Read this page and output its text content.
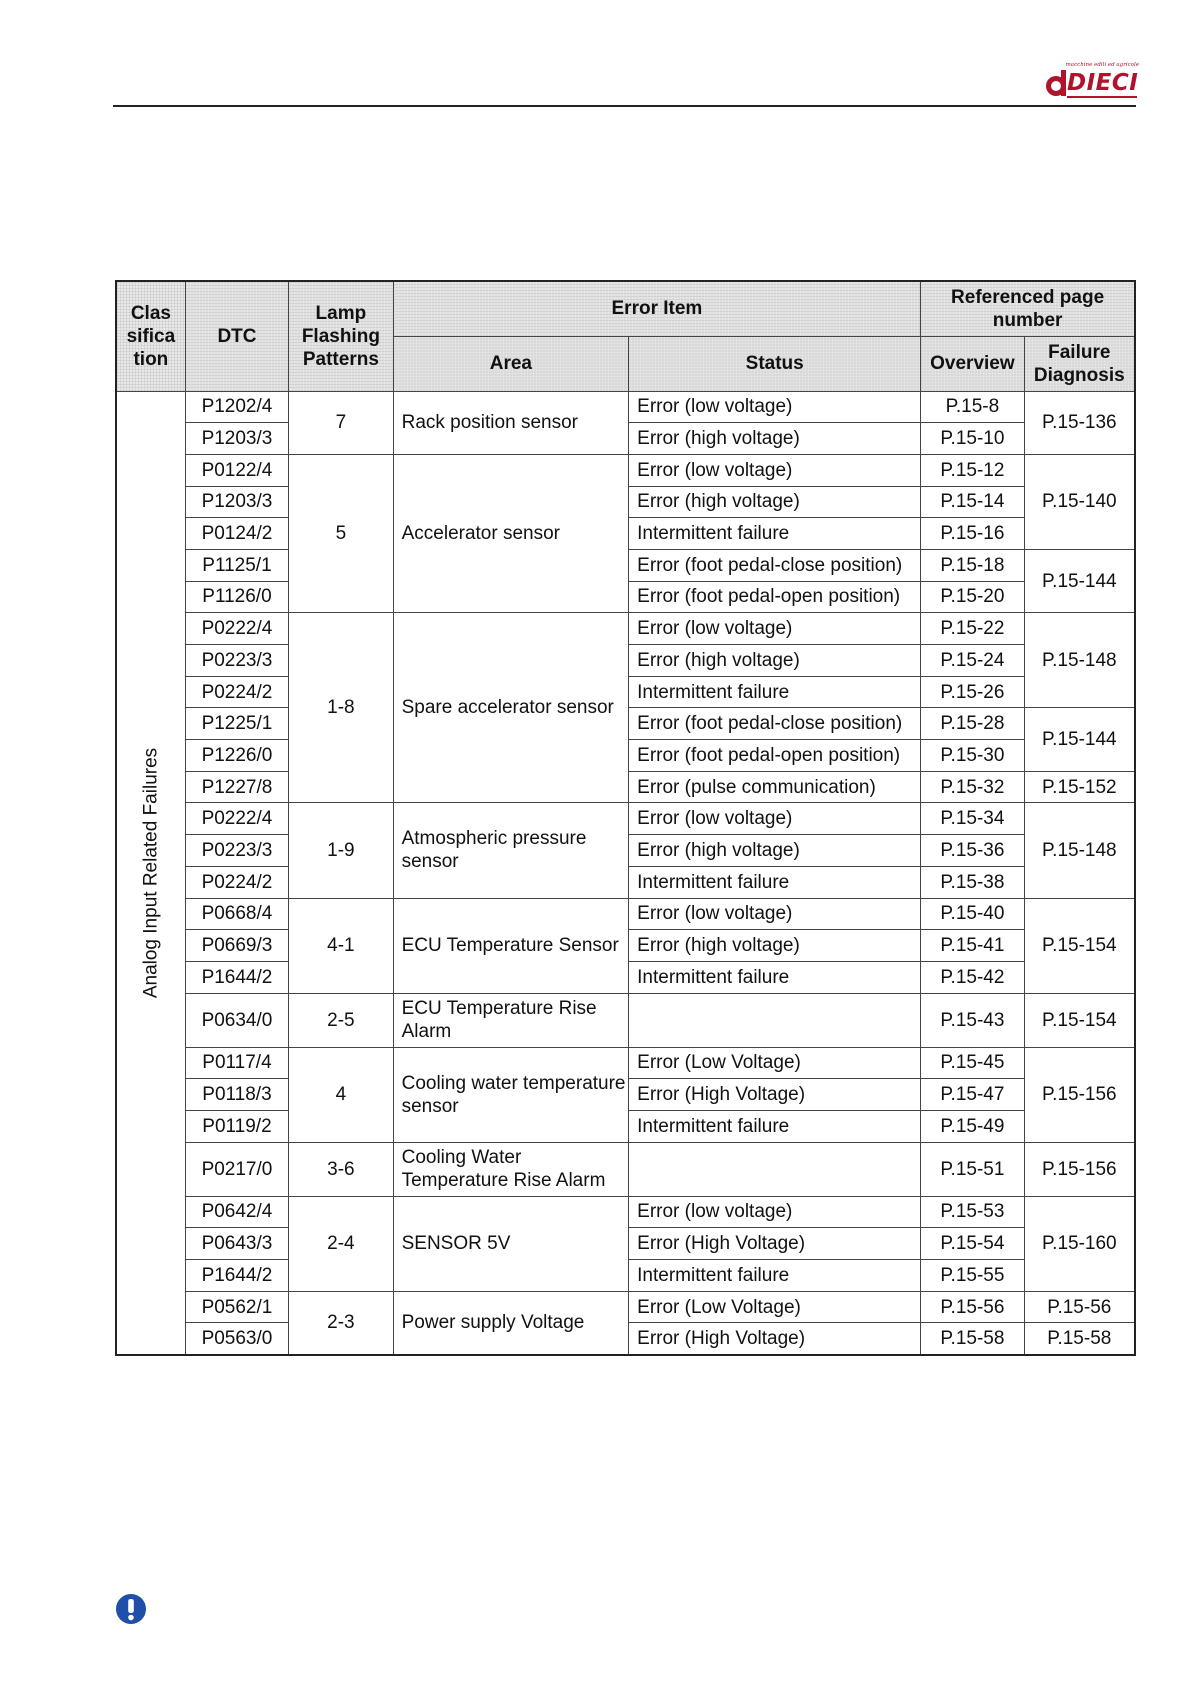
macchine edili ed agricole
DIECI
Clas sifica tion	DTC	Lamp Flashing Patterns	Error Item		Referenced page number	
			Area	Status	Overview	Failure Diagnosis

Analog Input Related Failures	P1202/4	7	Rack position sensor	Error (low voltage)	P.15-8	P.15-136
	P1203/3			Error (high voltage)	P.15-10	
	P0122/4	5	Accelerator sensor	Error (low voltage)	P.15-12	P.15-140
	P1203/3			Error (high voltage)	P.15-14	
	P0124/2			Intermittent failure	P.15-16	
	P1125/1			Error (foot pedal-close position)	P.15-18	P.15-144
	P1126/0			Error (foot pedal-open position)	P.15-20	
	P0222/4	1-8	Spare accelerator sensor	Error (low voltage)	P.15-22	P.15-148
	P0223/3			Error (high voltage)	P.15-24	
	P0224/2			Intermittent failure	P.15-26	
	P1225/1			Error (foot pedal-close position)	P.15-28	P.15-144
	P1226/0			Error (foot pedal-open position)	P.15-30	
	P1227/8			Error (pulse communication)	P.15-32	P.15-152
	P0222/4	1-9	Atmospheric pressure sensor	Error (low voltage)	P.15-34	P.15-148
	P0223/3			Error (high voltage)	P.15-36	
	P0224/2			Intermittent failure	P.15-38	
	P0668/4	4-1	ECU Temperature Sensor	Error (low voltage)	P.15-40	P.15-154
	P0669/3			Error (high voltage)	P.15-41	
	P1644/2			Intermittent failure	P.15-42	
	P0634/0	2-5	ECU Temperature Rise Alarm		P.15-43	P.15-154
	P0117/4	4	Cooling water temperature sensor	Error (Low Voltage)	P.15-45	P.15-156
	P0118/3			Error (High Voltage)	P.15-47	
	P0119/2			Intermittent failure	P.15-49	
	P0217/0	3-6	Cooling Water Temperature Rise Alarm		P.15-51	P.15-156
	P0642/4	2-4	SENSOR 5V	Error (low voltage)	P.15-53	P.15-160
	P0643/3			Error (High Voltage)	P.15-54	
	P1644/2			Intermittent failure	P.15-55	
	P0562/1	2-3	Power supply Voltage	Error (Low Voltage)	P.15-56	P.15-56
	P0563/0			Error (High Voltage)	P.15-58	P.15-58
